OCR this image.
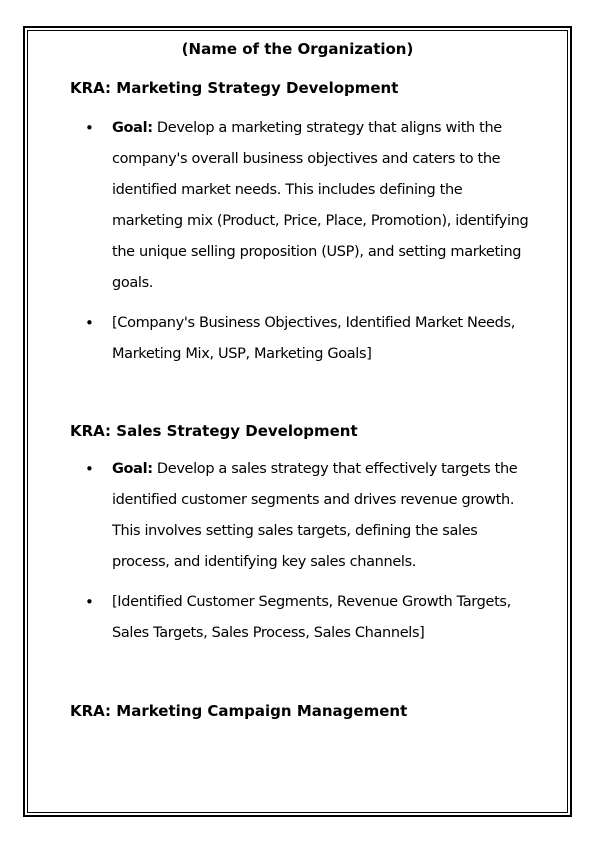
(Name of the Organization)

KRA: Marketing Strategy Development

• Goal: Develop a marketing strategy that aligns with the company's overall business objectives and caters to the identified market needs. This includes defining the marketing mix (Product, Price, Place, Promotion), identifying the unique selling proposition (USP), and setting marketing goals.
• [Company's Business Objectives, Identified Market Needs, Marketing Mix, USP, Marketing Goals]

KRA: Sales Strategy Development

• Goal: Develop a sales strategy that effectively targets the identified customer segments and drives revenue growth. This involves setting sales targets, defining the sales process, and identifying key sales channels.
• [Identified Customer Segments, Revenue Growth Targets, Sales Targets, Sales Process, Sales Channels]

KRA: Marketing Campaign Management
